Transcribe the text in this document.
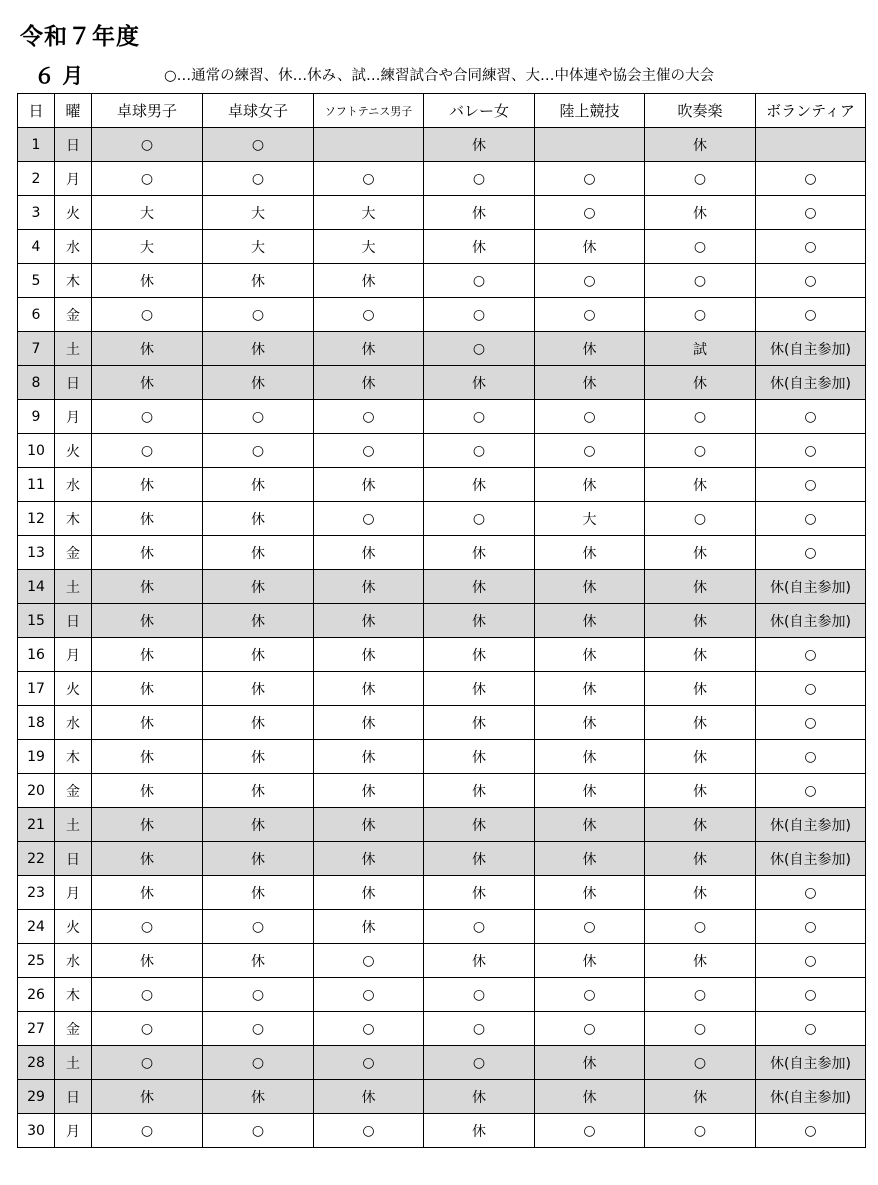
令和７年度
６ 月	○…通常の練習、休…休み、試…練習試合や合同練習、大…中体連や協会主催の大会
日	曜	卓球男子	卓球女子	ソフトテニス男子	バレー女	陸上競技	吹奏楽	ボランティア
1	日	○	○		休		休	
2	月	○	○	○	○	○	○	○
3	火	大	大	大	休	○	休	○
4	水	大	大	大	休	休	○	○
5	木	休	休	休	○	○	○	○
6	金	○	○	○	○	○	○	○
7	土	休	休	休	○	休	試	休(自主参加)
8	日	休	休	休	休	休	休	休(自主参加)
9	月	○	○	○	○	○	○	○
10	火	○	○	○	○	○	○	○
11	水	休	休	休	休	休	休	○
12	木	休	休	○	○	大	○	○
13	金	休	休	休	休	休	休	○
14	土	休	休	休	休	休	休	休(自主参加)
15	日	休	休	休	休	休	休	休(自主参加)
16	月	休	休	休	休	休	休	○
17	火	休	休	休	休	休	休	○
18	水	休	休	休	休	休	休	○
19	木	休	休	休	休	休	休	○
20	金	休	休	休	休	休	休	○
21	土	休	休	休	休	休	休	休(自主参加)
22	日	休	休	休	休	休	休	休(自主参加)
23	月	休	休	休	休	休	休	○
24	火	○	○	休	○	○	○	○
25	水	休	休	○	休	休	休	○
26	木	○	○	○	○	○	○	○
27	金	○	○	○	○	○	○	○
28	土	○	○	○	○	休	○	休(自主参加)
29	日	休	休	休	休	休	休	休(自主参加)
30	月	○	○	○	休	○	○	○
